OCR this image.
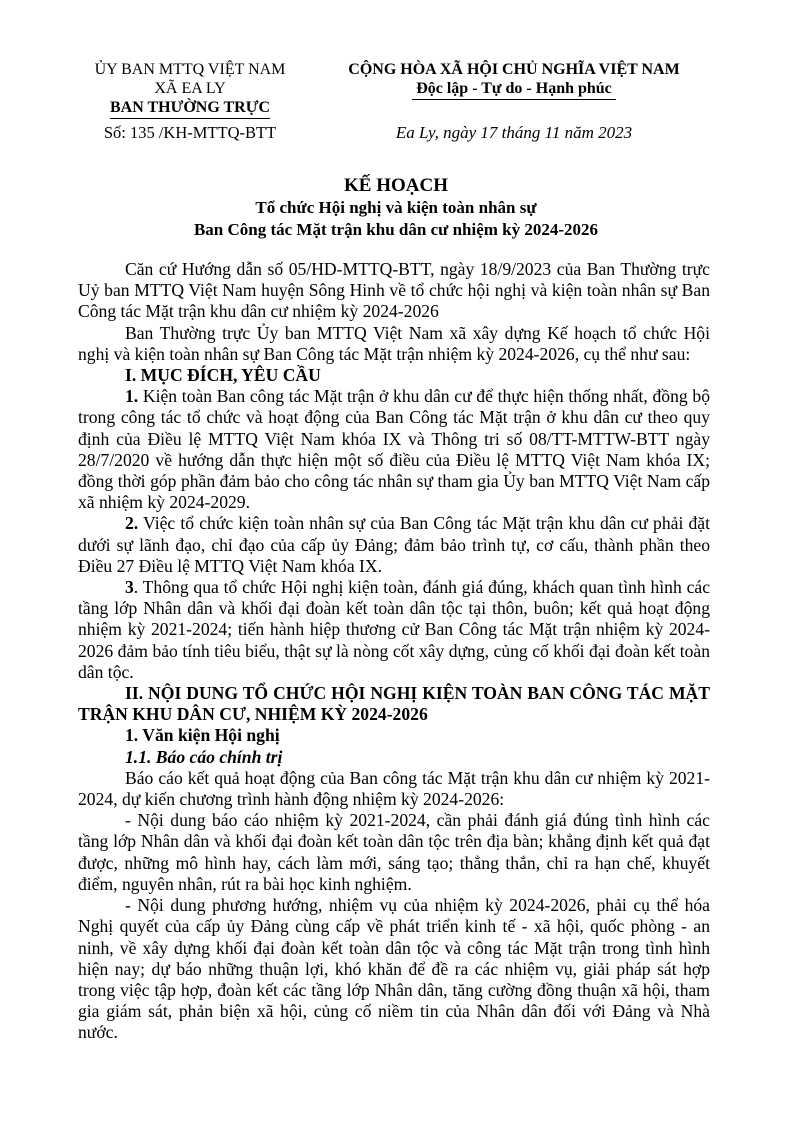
ỦY BAN MTTQ VIỆT NAM
XÃ EA LY
BAN THƯỜNG TRỰC
CỘNG HÒA XÃ HỘI CHỦ NGHĨA VIỆT NAM
Độc lập - Tự do - Hạnh phúc
Số: 135 /KH-MTTQ-BTT	Ea Ly, ngày 17 tháng 11 năm 2023
KẾ HOẠCH
Tổ chức Hội nghị và kiện toàn nhân sự
Ban Công tác Mặt trận khu dân cư nhiệm kỳ 2024-2026

Căn cứ Hướng dẫn số 05/HD-MTTQ-BTT, ngày 18/9/2023 của Ban Thường trực Uỷ ban MTTQ Việt Nam huyện Sông Hinh về tổ chức hội nghị và kiện toàn nhân sự Ban Công tác Mặt trận khu dân cư nhiệm kỳ 2024-2026

Ban Thường trực Ủy ban MTTQ Việt Nam xã xây dựng Kế hoạch tổ chức Hội nghị và kiện toàn nhân sự Ban Công tác Mặt trận nhiệm kỳ 2024-2026, cụ thể như sau:

I. MỤC ĐÍCH, YÊU CẦU

1. Kiện toàn Ban công tác Mặt trận ở khu dân cư để thực hiện thống nhất, đồng bộ trong công tác tổ chức và hoạt động của Ban Công tác Mặt trận ở khu dân cư theo quy định của Điều lệ MTTQ Việt Nam khóa IX và Thông tri số 08/TT-MTTW-BTT ngày 28/7/2020 về hướng dẫn thực hiện một số điều của Điều lệ MTTQ Việt Nam khóa IX; đồng thời góp phần đảm bảo cho công tác nhân sự tham gia Ủy ban MTTQ Việt Nam cấp xã nhiệm kỳ 2024-2029.

2. Việc tổ chức kiện toàn nhân sự của Ban Công tác Mặt trận khu dân cư phải đặt dưới sự lãnh đạo, chỉ đạo của cấp ủy Đảng; đảm bảo trình tự, cơ cấu, thành phần theo Điều 27 Điều lệ MTTQ Việt Nam khóa IX.

3. Thông qua tổ chức Hội nghị kiện toàn, đánh giá đúng, khách quan tình hình các tầng lớp Nhân dân và khối đại đoàn kết toàn dân tộc tại thôn, buôn; kết quả hoạt động nhiệm kỳ 2021-2024; tiến hành hiệp thương cử Ban Công tác Mặt trận nhiệm kỳ 2024-2026 đảm bảo tính tiêu biểu, thật sự là nòng cốt xây dựng, củng cố khối đại đoàn kết toàn dân tộc.

II. NỘI DUNG TỔ CHỨC HỘI NGHỊ KIỆN TOÀN BAN CÔNG TÁC MẶT TRẬN KHU DÂN CƯ, NHIỆM KỲ 2024-2026

1. Văn kiện Hội nghị

1.1. Báo cáo chính trị

Báo cáo kết quả hoạt động của Ban công tác Mặt trận khu dân cư nhiệm kỳ 2021-2024, dự kiến chương trình hành động nhiệm kỳ 2024-2026:

- Nội dung báo cáo nhiệm kỳ 2021-2024, cần phải đánh giá đúng tình hình các tầng lớp Nhân dân và khối đại đoàn kết toàn dân tộc trên địa bàn; khẳng định kết quả đạt được, những mô hình hay, cách làm mới, sáng tạo; thẳng thắn, chỉ ra hạn chế, khuyết điểm, nguyên nhân, rút ra bài học kinh nghiệm.

- Nội dung phương hướng, nhiệm vụ của nhiệm kỳ 2024-2026, phải cụ thể hóa Nghị quyết của cấp ủy Đảng cùng cấp về phát triển kinh tế - xã hội, quốc phòng - an ninh, về xây dựng khối đại đoàn kết toàn dân tộc và công tác Mặt trận trong tình hình hiện nay; dự báo những thuận lợi, khó khăn để đề ra các nhiệm vụ, giải pháp sát hợp trong việc tập hợp, đoàn kết các tầng lớp Nhân dân, tăng cường đồng thuận xã hội, tham gia giám sát, phản biện xã hội, củng cố niềm tin của Nhân dân đối với Đảng và Nhà nước.
